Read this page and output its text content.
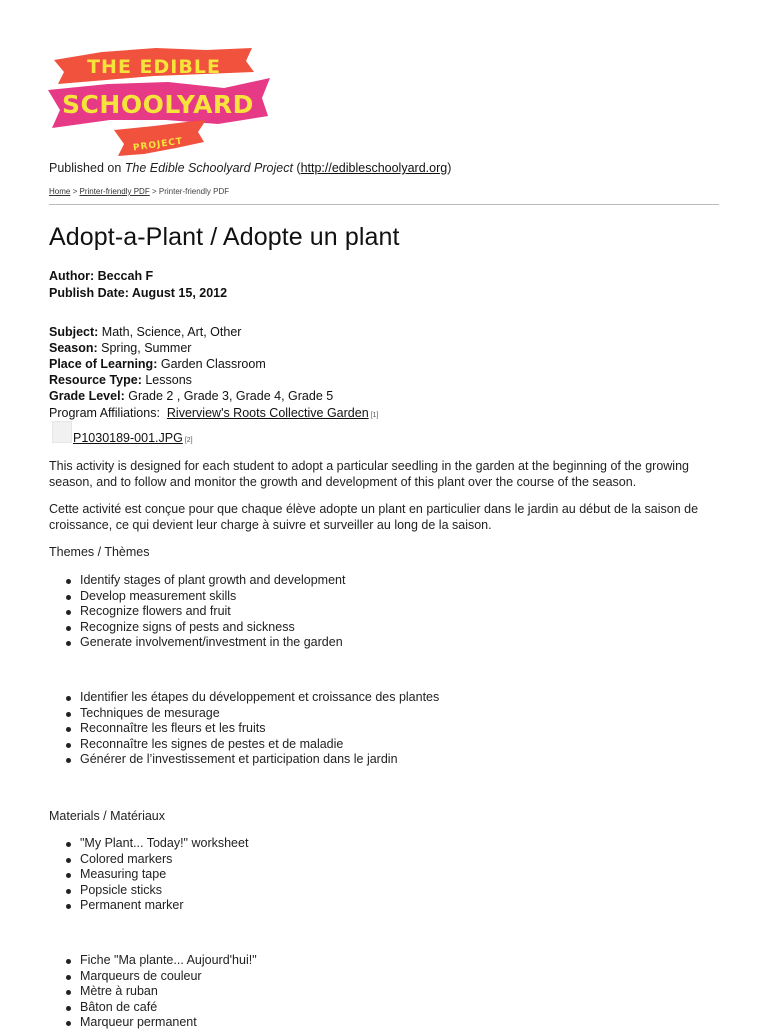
THE EDIBLE
SCHOOLYARD
PROJECT
Published on The Edible Schoolyard Project (http://edibleschoolyard.org)
Home > Printer-friendly PDF > Printer-friendly PDF
Adopt-a-Plant / Adopte un plant
Author: Beccah F
Publish Date: August 15, 2012
Subject: Math, Science, Art, Other
Season: Spring, Summer
Place of Learning: Garden Classroom
Resource Type: Lessons
Grade Level: Grade 2 , Grade 3, Grade 4, Grade 5
Program Affiliations: Riverview's Roots Collective Garden [1]
P1030189-001.JPG [2]

This activity is designed for each student to adopt a particular seedling in the garden at the beginning of the growing season, and to follow and monitor the growth and development of this plant over the course of the season.

Cette activité est conçue pour que chaque élève adopte un plant en particulier dans le jardin au début de la saison de croissance, ce qui devient leur charge à suivre et surveiller au long de la saison.

Themes / Thèmes
Identify stages of plant growth and development
Develop measurement skills
Recognize flowers and fruit
Recognize signs of pests and sickness
Generate involvement/investment in the garden
Identifier les étapes du développement et croissance des plantes
Techniques de mesurage
Reconnaître les fleurs et les fruits
Reconnaître les signes de pestes et de maladie
Générer de l’investissement et participation dans le jardin
Materials / Matériaux
"My Plant... Today!" worksheet
Colored markers
Measuring tape
Popsicle sticks
Permanent marker
Fiche "Ma plante... Aujourd'hui!"
Marqueurs de couleur
Mètre à ruban
Bâton de café
Marqueur permanent
